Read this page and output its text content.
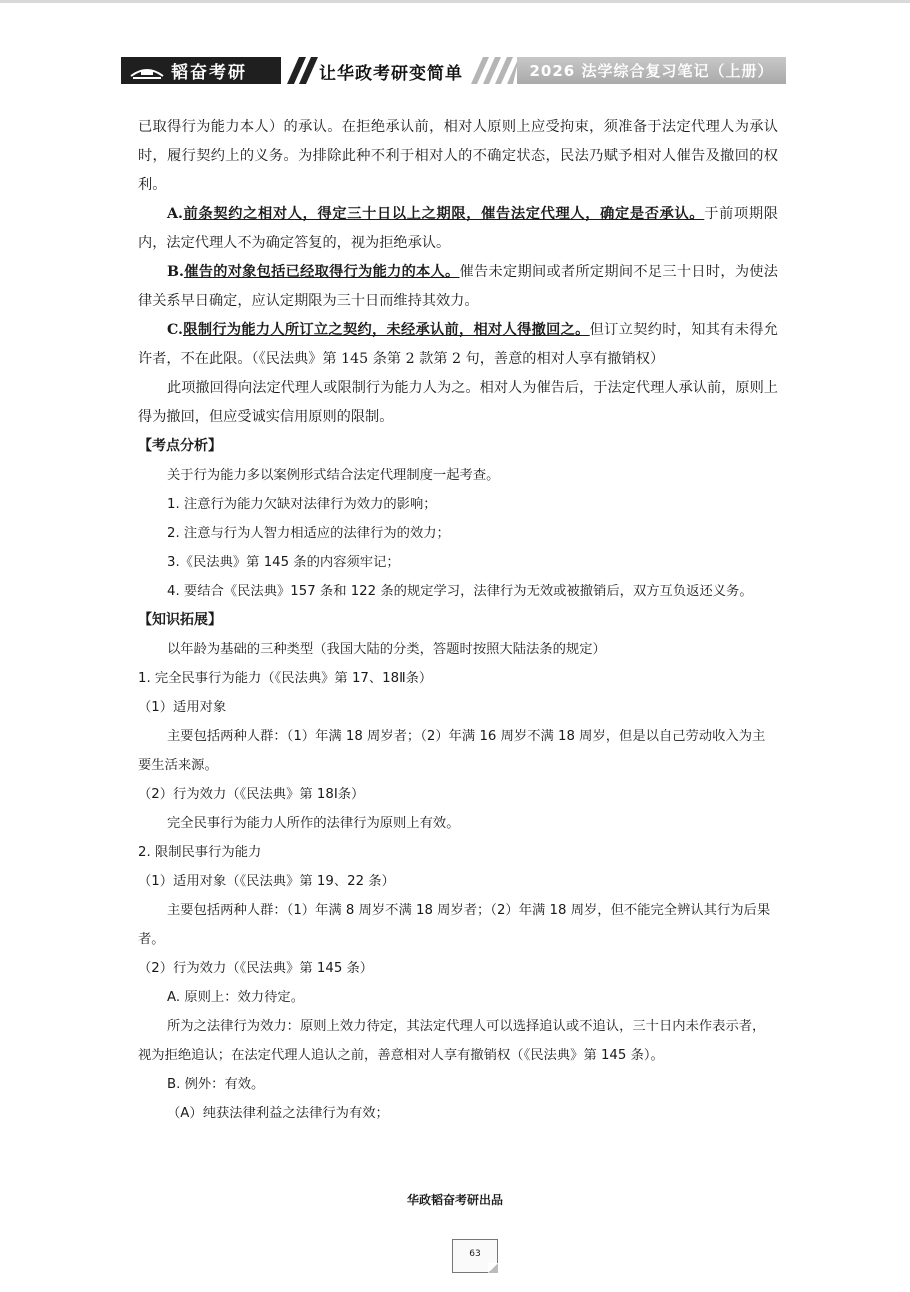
韬奋考研	让华政考研变简单	2026 法学综合复习笔记（上册）

已取得行为能力本人）的承认。在拒绝承认前，相对人原则上应受拘束，须准备于法定代理人为承认时，履行契约上的义务。为排除此种不利于相对人的不确定状态，民法乃赋予相对人催告及撤回的权利。

A.前条契约之相对人，得定三十日以上之期限，催告法定代理人，确定是否承认。于前项期限内，法定代理人不为确定答复的，视为拒绝承认。

B.催告的对象包括已经取得行为能力的本人。催告未定期间或者所定期间不足三十日时，为使法律关系早日确定，应认定期限为三十日而维持其效力。

C.限制行为能力人所订立之契约，未经承认前，相对人得撤回之。但订立契约时，知其有未得允许者，不在此限。（《民法典》第 145 条第 2 款第 2 句，善意的相对人享有撤销权）

此项撤回得向法定代理人或限制行为能力人为之。相对人为催告后，于法定代理人承认前，原则上得为撤回，但应受诚实信用原则的限制。

【考点分析】

关于行为能力多以案例形式结合法定代理制度一起考查。

1. 注意行为能力欠缺对法律行为效力的影响；

2. 注意与行为人智力相适应的法律行为的效力；

3.《民法典》第 145 条的内容须牢记；

4. 要结合《民法典》157 条和 122 条的规定学习，法律行为无效或被撤销后，双方互负返还义务。

【知识拓展】

以年龄为基础的三种类型（我国大陆的分类，答题时按照大陆法条的规定）

1. 完全民事行为能力（《民法典》第 17、18Ⅱ条）

（1）适用对象

主要包括两种人群：（1）年满 18 周岁者；（2）年满 16 周岁不满 18 周岁，但是以自己劳动收入为主要生活来源。

（2）行为效力（《民法典》第 18Ⅰ条）

完全民事行为能力人所作的法律行为原则上有效。

2. 限制民事行为能力

（1）适用对象（《民法典》第 19、22 条）

主要包括两种人群：（1）年满 8 周岁不满 18 周岁者；（2）年满 18 周岁，但不能完全辨认其行为后果者。

（2）行为效力（《民法典》第 145 条）

A. 原则上：效力待定。

所为之法律行为效力：原则上效力待定，其法定代理人可以选择追认或不追认，三十日内未作表示者，视为拒绝追认；在法定代理人追认之前，善意相对人享有撤销权（《民法典》第 145 条）。

B. 例外：有效。

（A）纯获法律利益之法律行为有效；

华政韬奋考研出品
63
